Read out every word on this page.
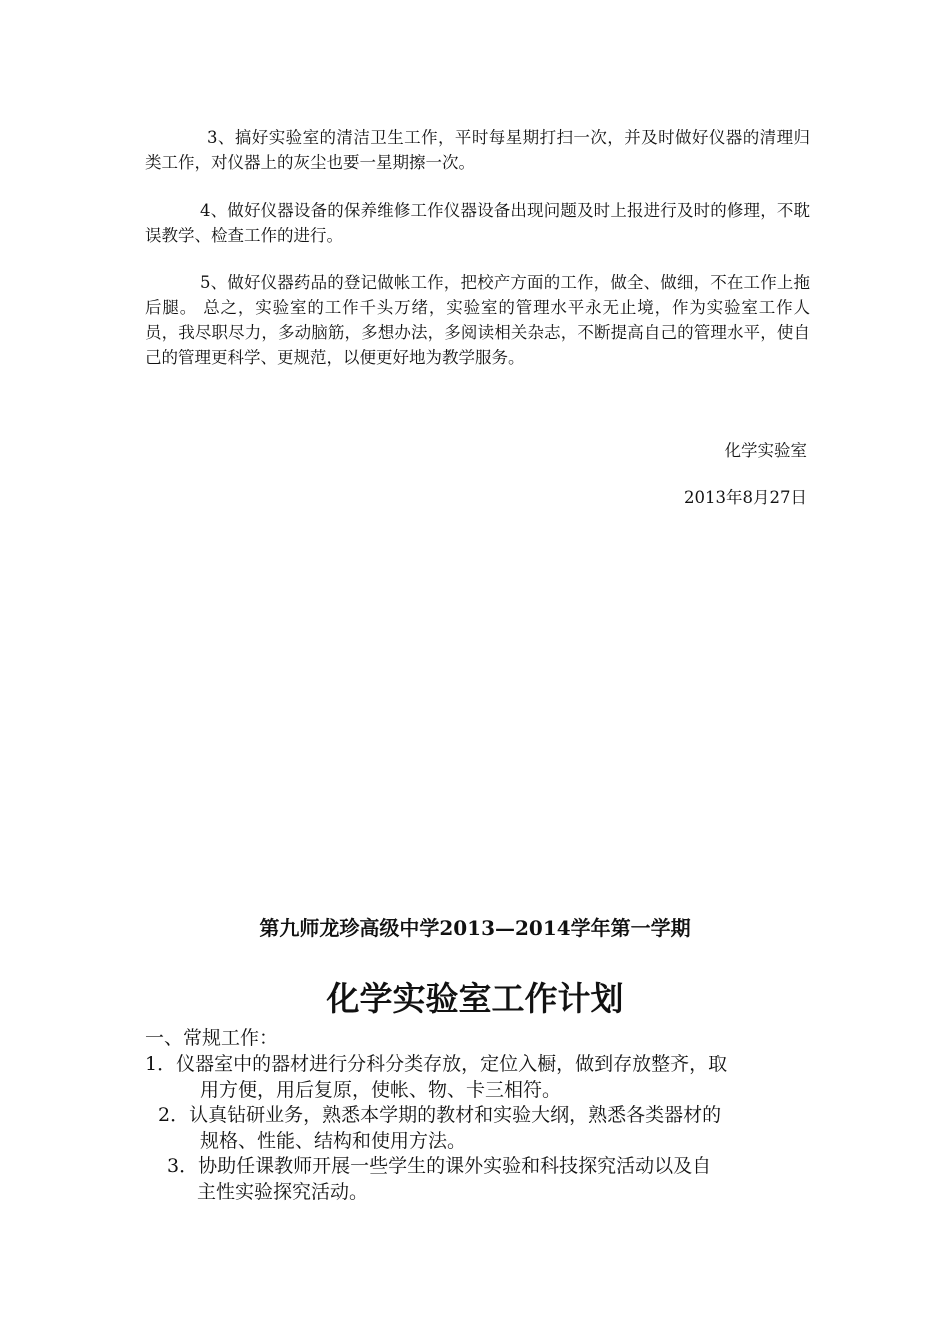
3、搞好实验室的清洁卫生工作，平时每星期打扫一次，并及时做好仪器的清理归类工作，对仪器上的灰尘也要一星期擦一次。

4、做好仪器设备的保养维修工作仪器设备出现问题及时上报进行及时的修理，不耽误教学、检查工作的进行。

5、做好仪器药品的登记做帐工作，把校产方面的工作，做全、做细，不在工作上拖后腿。 总之，实验室的工作千头万绪，实验室的管理水平永无止境，作为实验室工作人员，我尽职尽力，多动脑筋，多想办法，多阅读相关杂志，不断提高自己的管理水平，使自己的管理更科学、更规范，以便更好地为教学服务。

化学实验室

2013年8月27日

第九师龙珍高级中学2013—2014学年第一学期

化学实验室工作计划

一、常规工作：

1．仪器室中的器材进行分科分类存放，定位入橱，做到存放整齐，取
用方便，用后复原，使帐、物、卡三相符。
2．认真钻研业务，熟悉本学期的教材和实验大纲，熟悉各类器材的
规格、性能、结构和使用方法。
3．协助任课教师开展一些学生的课外实验和科技探究活动以及自
主性实验探究活动。
